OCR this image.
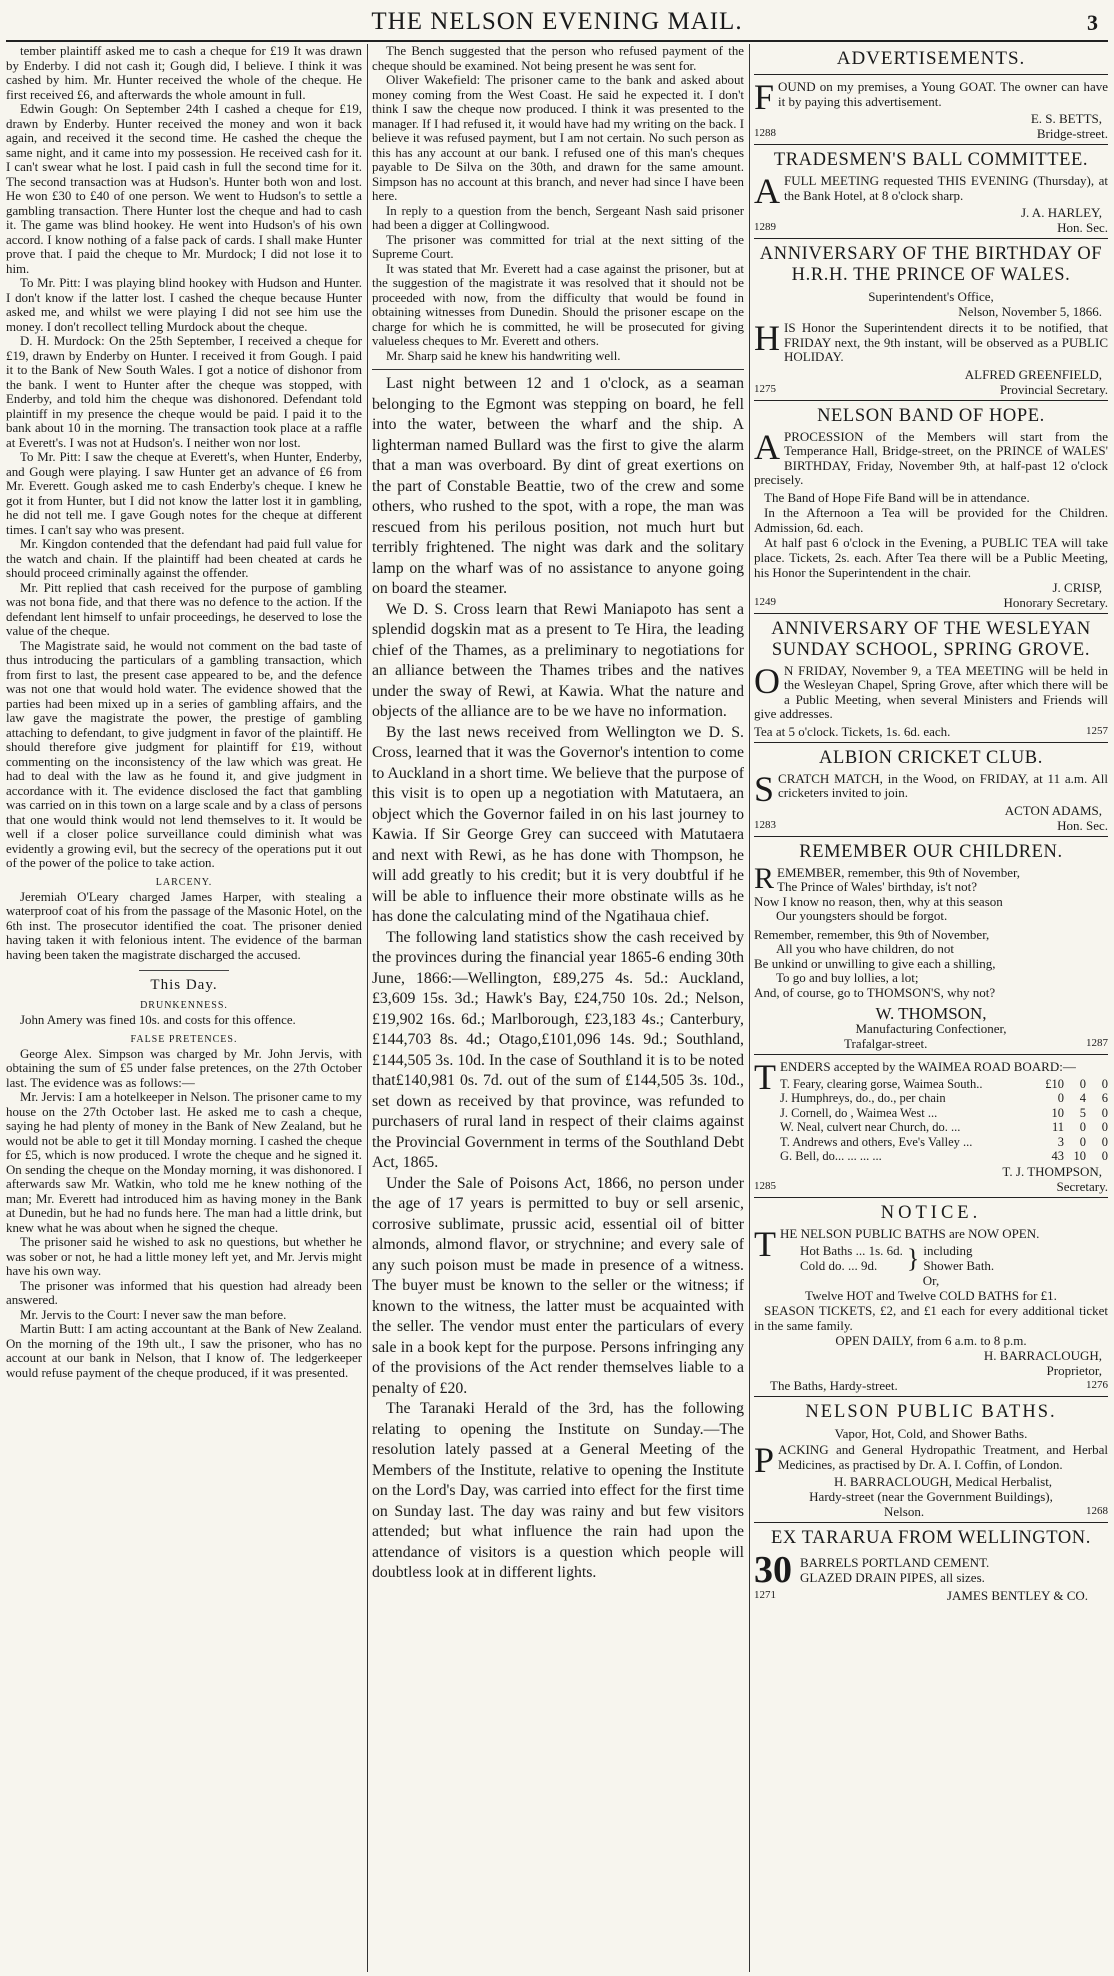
THE NELSON EVENING MAIL.	3

tember plaintiff asked me to cash a cheque for £19 It was drawn by Enderby. I did not cash it; Gough did, I believe. I think it was cashed by him. Mr. Hunter received the whole of the cheque. He first received £6, and afterwards the whole amount in full.

Edwin Gough: On September 24th I cashed a cheque for £19, drawn by Enderby. Hunter received the money and won it back again, and received it the second time. He cashed the cheque the same night, and it came into my possession. He received cash for it. I can't swear what he lost. I paid cash in full the second time for it. The second transaction was at Hudson's. Hunter both won and lost. He won £30 to £40 of one person. We went to Hudson's to settle a gambling transaction. There Hunter lost the cheque and had to cash it. The game was blind hookey. He went into Hudson's of his own accord. I know nothing of a false pack of cards. I shall make Hunter prove that. I paid the cheque to Mr. Murdock; I did not lose it to him.

To Mr. Pitt: I was playing blind hookey with Hudson and Hunter. I don't know if the latter lost. I cashed the cheque because Hunter asked me, and whilst we were playing I did not see him use the money. I don't recollect telling Murdock about the cheque.

D. H. Murdock: On the 25th September, I received a cheque for £19, drawn by Enderby on Hunter. I received it from Gough. I paid it to the Bank of New South Wales. I got a notice of dishonor from the bank. I went to Hunter after the cheque was stopped, with Enderby, and told him the cheque was dishonored. Defendant told plaintiff in my presence the cheque would be paid. I paid it to the bank about 10 in the morning. The transaction took place at a raffle at Everett's. I was not at Hudson's. I neither won nor lost.

To Mr. Pitt: I saw the cheque at Everett's, when Hunter, Enderby, and Gough were playing. I saw Hunter get an advance of £6 from Mr. Everett. Gough asked me to cash Enderby's cheque. I knew he got it from Hunter, but I did not know the latter lost it in gambling, he did not tell me. I gave Gough notes for the cheque at different times. I can't say who was present.

Mr. Kingdon contended that the defendant had paid full value for the watch and chain. If the plaintiff had been cheated at cards he should proceed criminally against the offender.

Mr. Pitt replied that cash received for the purpose of gambling was not bona fide, and that there was no defence to the action. If the defendant lent himself to unfair proceedings, he deserved to lose the value of the cheque.

The Magistrate said, he would not comment on the bad taste of thus introducing the particulars of a gambling transaction, which from first to last, the present case appeared to be, and the defence was not one that would hold water. The evidence showed that the parties had been mixed up in a series of gambling affairs, and the law gave the magistrate the power, the prestige of gambling attaching to defendant, to give judgment in favor of the plaintiff. He should therefore give judgment for plaintiff for £19, without commenting on the inconsistency of the law which was great. He had to deal with the law as he found it, and give judgment in accordance with it. The evidence disclosed the fact that gambling was carried on in this town on a large scale and by a class of persons that one would think would not lend themselves to it. It would be well if a closer police surveillance could diminish what was evidently a growing evil, but the secrecy of the operations put it out of the power of the police to take action.

LARCENY.

Jeremiah O'Leary charged James Harper, with stealing a waterproof coat of his from the passage of the Masonic Hotel, on the 6th inst. The prosecutor identified the coat. The prisoner denied having taken it with felonious intent. The evidence of the barman having been taken the magistrate discharged the accused.

This Day.
DRUNKENNESS.

John Amery was fined 10s. and costs for this offence.

FALSE PRETENCES.

George Alex. Simpson was charged by Mr. John Jervis, with obtaining the sum of £5 under false pretences, on the 27th October last. The evidence was as follows:—

Mr. Jervis: I am a hotelkeeper in Nelson. The prisoner came to my house on the 27th October last. He asked me to cash a cheque, saying he had plenty of money in the Bank of New Zealand, but he would not be able to get it till Monday morning. I cashed the cheque for £5, which is now produced. I wrote the cheque and he signed it. On sending the cheque on the Monday morning, it was dishonored. I afterwards saw Mr. Watkin, who told me he knew nothing of the man; Mr. Everett had introduced him as having money in the Bank at Dunedin, but he had no funds here. The man had a little drink, but knew what he was about when he signed the cheque.

The prisoner said he wished to ask no questions, but whether he was sober or not, he had a little money left yet, and Mr. Jervis might have his own way.

The prisoner was informed that his question had already been answered.

Mr. Jervis to the Court: I never saw the man before.

Martin Butt: I am acting accountant at the Bank of New Zealand. On the morning of the 19th ult., I saw the prisoner, who has no account at our bank in Nelson, that I know of. The ledgerkeeper would refuse payment of the cheque produced, if it was presented.

The Bench suggested that the person who refused payment of the cheque should be examined. Not being present he was sent for.

Oliver Wakefield: The prisoner came to the bank and asked about money coming from the West Coast. He said he expected it. I don't think I saw the cheque now produced. I think it was presented to the manager. If I had refused it, it would have had my writing on the back. I believe it was refused payment, but I am not certain. No such person as this has any account at our bank. I refused one of this man's cheques payable to De Silva on the 30th, and drawn for the same amount. Simpson has no account at this branch, and never had since I have been here.

In reply to a question from the bench, Sergeant Nash said prisoner had been a digger at Collingwood.

The prisoner was committed for trial at the next sitting of the Supreme Court.

It was stated that Mr. Everett had a case against the prisoner, but at the suggestion of the magistrate it was resolved that it should not be proceeded with now, from the difficulty that would be found in obtaining witnesses from Dunedin. Should the prisoner escape on the charge for which he is committed, he will be prosecuted for giving valueless cheques to Mr. Everett and others.

Mr. Sharp said he knew his handwriting well.

Last night between 12 and 1 o'clock, as a seaman belonging to the Egmont was stepping on board, he fell into the water, between the wharf and the ship. A lighterman named Bullard was the first to give the alarm that a man was overboard. By dint of great exertions on the part of Constable Beattie, two of the crew and some others, who rushed to the spot, with a rope, the man was rescued from his perilous position, not much hurt but terribly frightened. The night was dark and the solitary lamp on the wharf was of no assistance to anyone going on board the steamer.

We D. S. Cross learn that Rewi Maniapoto has sent a splendid dogskin mat as a present to Te Hira, the leading chief of the Thames, as a preliminary to negotiations for an alliance between the Thames tribes and the natives under the sway of Rewi, at Kawia. What the nature and objects of the alliance are to be we have no information.

By the last news received from Wellington we D. S. Cross, learned that it was the Governor's intention to come to Auckland in a short time. We believe that the purpose of this visit is to open up a negotiation with Matutaera, an object which the Governor failed in on his last journey to Kawia. If Sir George Grey can succeed with Matutaera and next with Rewi, as he has done with Thompson, he will add greatly to his credit; but it is very doubtful if he will be able to influence their more obstinate wills as he has done the calculating mind of the Ngatihaua chief.

The following land statistics show the cash received by the provinces during the financial year 1865-6 ending 30th June, 1866:—Wellington, £89,275 4s. 5d.: Auckland, £3,609 15s. 3d.; Hawk's Bay, £24,750 10s. 2d.; Nelson, £19,902 16s. 6d.; Marlborough, £23,183 4s.; Canterbury, £144,703 8s. 4d.; Otago,£101,096 14s. 9d.; Southland,£144,505 3s. 10d. In the case of Southland it is to be noted that£140,981 0s. 7d. out of the sum of £144,505 3s. 10d., set down as received by that province, was refunded to purchasers of rural land in respect of their claims against the Provincial Government in terms of the Southland Debt Act, 1865.

Under the Sale of Poisons Act, 1866, no person under the age of 17 years is permitted to buy or sell arsenic, corrosive sublimate, prussic acid, essential oil of bitter almonds, almond flavor, or strychnine; and every sale of any such poison must be made in presence of a witness. The buyer must be known to the seller or the witness; if known to the witness, the latter must be acquainted with the seller. The vendor must enter the particulars of every sale in a book kept for the purpose. Persons infringing any of the provisions of the Act render themselves liable to a penalty of £20.

The Taranaki Herald of the 3rd, has the following relating to opening the Institute on Sunday.—The resolution lately passed at a General Meeting of the Members of the Institute, relative to opening the Institute on the Lord's Day, was carried into effect for the first time on Sunday last. The day was rainy and but few visitors attended; but what influence the rain had upon the attendance of visitors is a question which people will doubtless look at in different lights.

ADVERTISEMENTS.
FOUND on my premises, a Young GOAT. The owner can have it by paying this advertisement.
E. S. BETTS,
1288	Bridge-street.
TRADESMEN'S BALL COMMITTEE.
AFULL MEETING requested THIS EVENING (Thursday), at the Bank Hotel, at 8 o'clock sharp.
J. A. HARLEY,
1289	Hon. Sec.
ANNIVERSARY OF THE BIRTHDAY OF
H.R.H. THE PRINCE OF WALES.
Superintendent's Office,
Nelson, November 5, 1866.
HIS Honor the Superintendent directs it to be notified, that FRIDAY next, the 9th instant, will be observed as a PUBLIC HOLIDAY.
ALFRED GREENFIELD,
1275	Provincial Secretary.
NELSON BAND OF HOPE.
APROCESSION of the Members will start from the Temperance Hall, Bridge-street, on the PRINCE of WALES' BIRTHDAY, Friday, November 9th, at half-past 12 o'clock precisely.

The Band of Hope Fife Band will be in attendance.

In the Afternoon a Tea will be provided for the Children. Admission, 6d. each.

At half past 6 o'clock in the Evening, a PUBLIC TEA will take place. Tickets, 2s. each. After Tea there will be a Public Meeting, his Honor the Superintendent in the chair.

J. CRISP,
1249	Honorary Secretary.
ANNIVERSARY OF THE WESLEYAN
SUNDAY SCHOOL, SPRING GROVE.
O N FRIDAY, November 9, a TEA MEETING will be held in the Wesleyan Chapel, Spring Grove, after which there will be a Public Meeting, when several Ministers and Friends will give addresses.
Tea at 5 o'clock. Tickets, 1s. 6d. each.	1257
ALBION CRICKET CLUB.
SCRATCH MATCH, in the Wood, on FRIDAY, at 11 a.m. All cricketers invited to join.
ACTON ADAMS,
1283	Hon. Sec.
REMEMBER OUR CHILDREN.
REMEMBER, remember, this 9th of November,
The Prince of Wales' birthday, is't not?
Now I know no reason, then, why at this season
Our youngsters should be forgot.
Remember, remember, this 9th of November,
All you who have children, do not
Be unkind or unwilling to give each a shilling,
To go and buy lollies, a lot;
And, of course, go to THOMSON'S, why not?
W. THOMSON,
Manufacturing Confectioner,
Trafalgar-street.	1287
TENDERS accepted by the WAIMEA ROAD BOARD:—
T. Feary, clearing gorse, Waimea South..	£10	0	0
J. Humphreys, do., do., per chain	0	4	6
J. Cornell, do , Waimea West ...	10	5	0
W. Neal, culvert near Church, do. ...	11	0	0
T. Andrews and others, Eve's Valley ...	3	0	0
G. Bell, do... ... ... ...	43 10	0
T. J. THOMPSON,
1285	Secretary.
NOTICE.
THE NELSON PUBLIC BATHS are NOW OPEN.
Hot Baths ... 1s. 6d.
Cold do. ... 9d.	} including Shower Bath.
Or,
Twelve HOT and Twelve COLD BATHS for £1.

SEASON TICKETS, £2, and £1 each for every additional ticket in the same family.

OPEN DAILY, from 6 a.m. to 8 p.m.
H. BARRACLOUGH,
Proprietor,
The Baths, Hardy-street.	1276
NELSON PUBLIC BATHS.
Vapor, Hot, Cold, and Shower Baths.
PACKING and General Hydropathic Treatment, and Herbal Medicines, as practised by Dr. A. I. Coffin, of London.
H. BARRACLOUGH, Medical Herbalist,
Hardy-street (near the Government Buildings),
Nelson.	1268
EX TARARUA FROM WELLINGTON.
30 BARRELS PORTLAND CEMENT.
GLAZED DRAIN PIPES, all sizes.
1271	JAMES BENTLEY & CO.
